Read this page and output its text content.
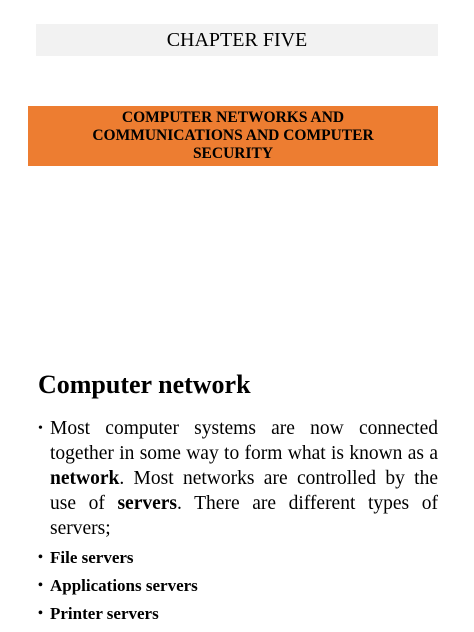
CHAPTER FIVE
COMPUTER NETWORKS AND
COMMUNICATIONS AND COMPUTER
SECURITY
Computer network
• Most computer systems are now connected together in some way to form what is known as a network. Most networks are controlled by the use of servers. There are different types of servers;
• File servers
• Applications servers
• Printer servers
